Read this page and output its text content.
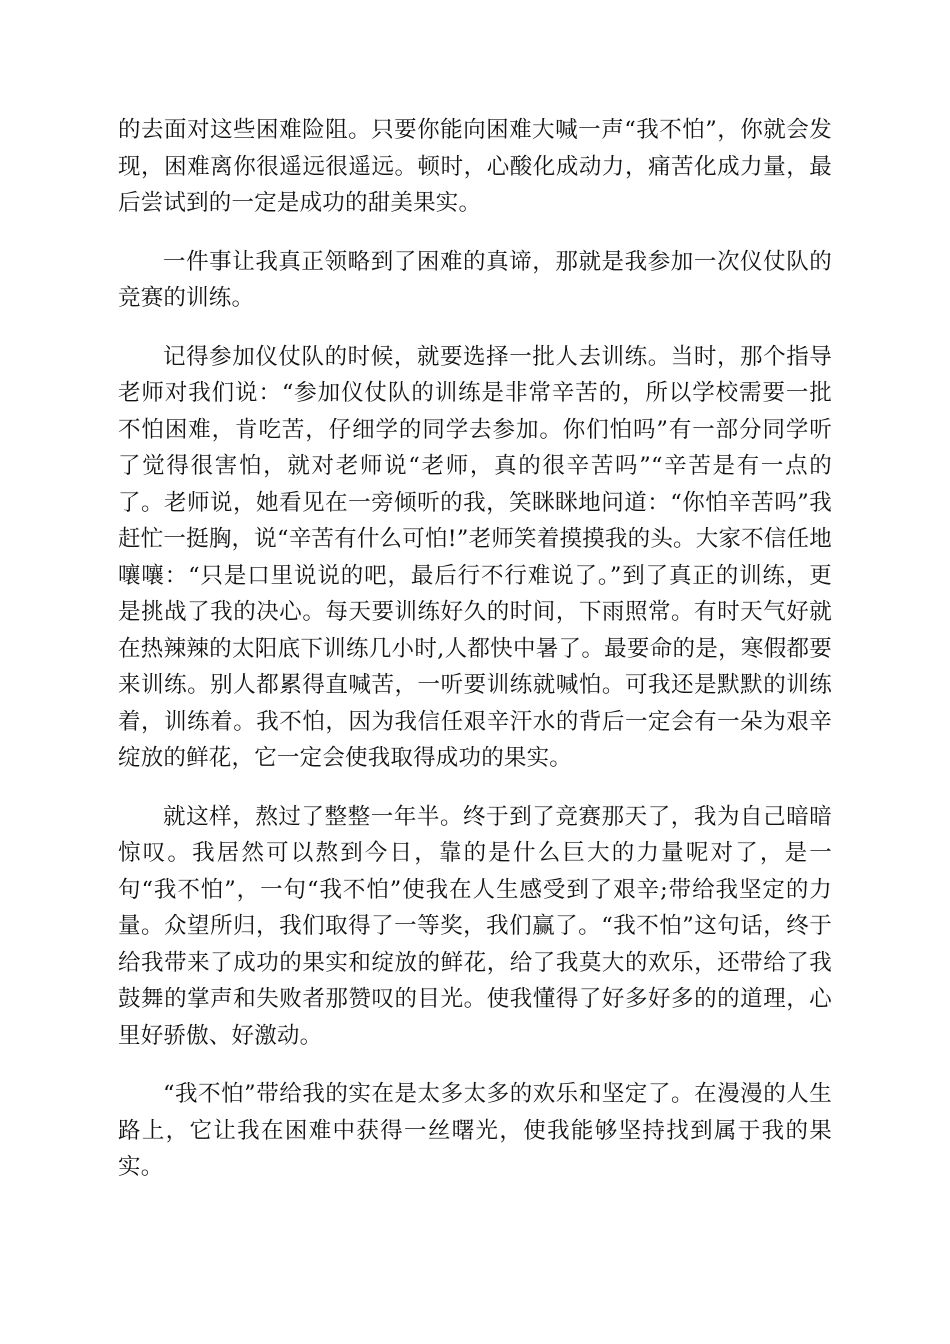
的去面对这些困难险阻。只要你能向困难大喊一声“我不怕”，你就会发现，困难离你很遥远很遥远。顿时，心酸化成动力，痛苦化成力量，最后尝试到的一定是成功的甜美果实。

一件事让我真正领略到了困难的真谛，那就是我参加一次仪仗队的竞赛的训练。

记得参加仪仗队的时候，就要选择一批人去训练。当时，那个指导老师对我们说：“参加仪仗队的训练是非常辛苦的，所以学校需要一批不怕困难，肯吃苦，仔细学的同学去参加。你们怕吗”有一部分同学听了觉得很害怕，就对老师说“老师，真的很辛苦吗”“辛苦是有一点的了。老师说，她看见在一旁倾听的我，笑眯眯地问道：“你怕辛苦吗”我赶忙一挺胸，说“辛苦有什么可怕!”老师笑着摸摸我的头。大家不信任地嚷嚷：“只是口里说说的吧，最后行不行难说了。”到了真正的训练，更是挑战了我的决心。每天要训练好久的时间，下雨照常。有时天气好就在热辣辣的太阳底下训练几小时,人都快中暑了。最要命的是，寒假都要来训练。别人都累得直喊苦，一听要训练就喊怕。可我还是默默的训练着，训练着。我不怕，因为我信任艰辛汗水的背后一定会有一朵为艰辛绽放的鲜花，它一定会使我取得成功的果实。

就这样，熬过了整整一年半。终于到了竞赛那天了，我为自己暗暗惊叹。我居然可以熬到今日，靠的是什么巨大的力量呢对了，是一句“我不怕”，一句“我不怕”使我在人生感受到了艰辛;带给我坚定的力量。众望所归，我们取得了一等奖，我们赢了。“我不怕”这句话，终于给我带来了成功的果实和绽放的鲜花，给了我莫大的欢乐，还带给了我鼓舞的掌声和失败者那赞叹的目光。使我懂得了好多好多的的道理，心里好骄傲、好激动。

“我不怕”带给我的实在是太多太多的欢乐和坚定了。在漫漫的人生路上，它让我在困难中获得一丝曙光，使我能够坚持找到属于我的果实。
